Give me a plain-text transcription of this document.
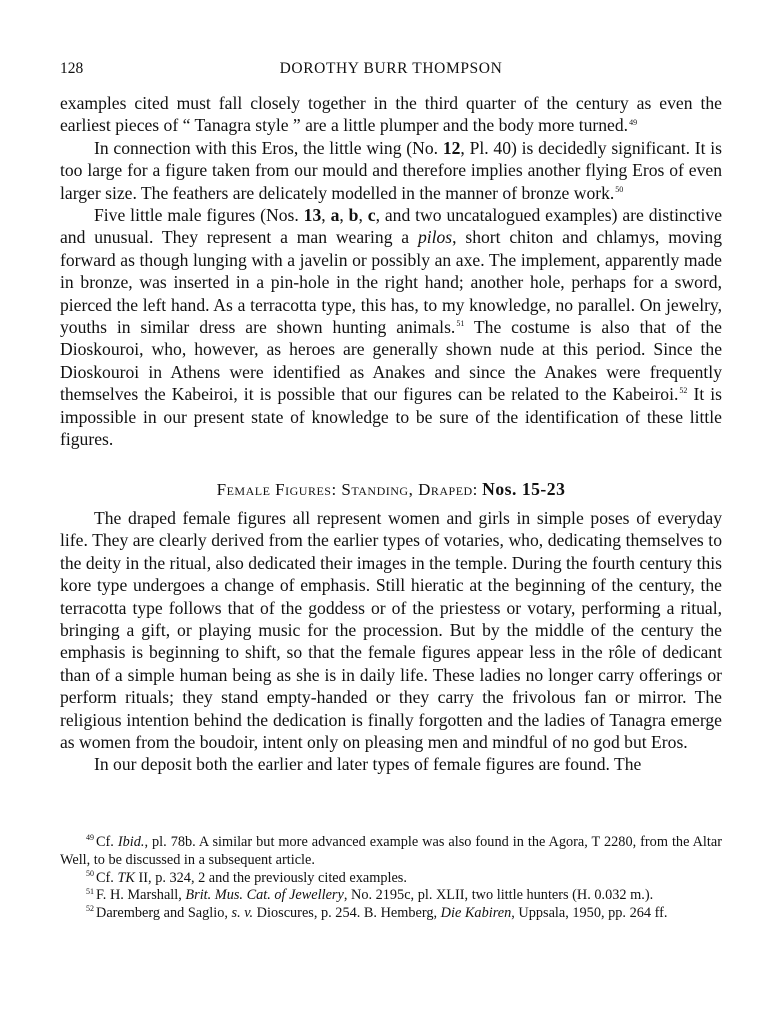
128	DOROTHY BURR THOMPSON

examples cited must fall closely together in the third quarter of the century as even the earliest pieces of “ Tanagra style ” are a little plumper and the body more turned.$^{49}$

In connection with this Eros, the little wing (No. 12, Pl. 40) is decidedly significant. It is too large for a figure taken from our mould and therefore implies another flying Eros of even larger size. The feathers are delicately modelled in the manner of bronze work.$^{50}$

Five little male figures (Nos. 13, a, b, c, and two uncatalogued examples) are distinctive and unusual. They represent a man wearing a pilos, short chiton and chlamys, moving forward as though lunging with a javelin or possibly an axe. The implement, apparently made in bronze, was inserted in a pin-hole in the right hand; another hole, perhaps for a sword, pierced the left hand. As a terracotta type, this has, to my knowledge, no parallel. On jewelry, youths in similar dress are shown hunting animals.$^{51}$ The costume is also that of the Dioskouroi, who, however, as heroes are generally shown nude at this period. Since the Dioskouroi in Athens were identified as Anakes and since the Anakes were frequently themselves the Kabeiroi, it is possible that our figures can be related to the Kabeiroi.$^{52}$ It is impossible in our present state of knowledge to be sure of the identification of these little figures.

Female Figures: Standing, Draped: Nos. 15-23

The draped female figures all represent women and girls in simple poses of everyday life. They are clearly derived from the earlier types of votaries, who, dedicating themselves to the deity in the ritual, also dedicated their images in the temple. During the fourth century this kore type undergoes a change of emphasis. Still hieratic at the beginning of the century, the terracotta type follows that of the goddess or of the priestess or votary, performing a ritual, bringing a gift, or playing music for the procession. But by the middle of the century the emphasis is beginning to shift, so that the female figures appear less in the rôle of dedicant than of a simple human being as she is in daily life. These ladies no longer carry offerings or perform rituals; they stand empty-handed or they carry the frivolous fan or mirror. The religious intention behind the dedication is finally forgotten and the ladies of Tanagra emerge as women from the boudoir, intent only on pleasing men and mindful of no god but Eros.

In our deposit both the earlier and later types of female figures are found. The

$^{49}$ Cf. Ibid., pl. 78b. A similar but more advanced example was also found in the Agora, T 2280, from the Altar Well, to be discussed in a subsequent article.

$^{50}$ Cf. TK II, p. 324, 2 and the previously cited examples.

$^{51}$ F. H. Marshall, Brit. Mus. Cat. of Jewellery, No. 2195c, pl. XLII, two little hunters (H. 0.032 m.).

$^{52}$ Daremberg and Saglio, s. v. Dioscures, p. 254. B. Hemberg, Die Kabiren, Uppsala, 1950, pp. 264 ff.
